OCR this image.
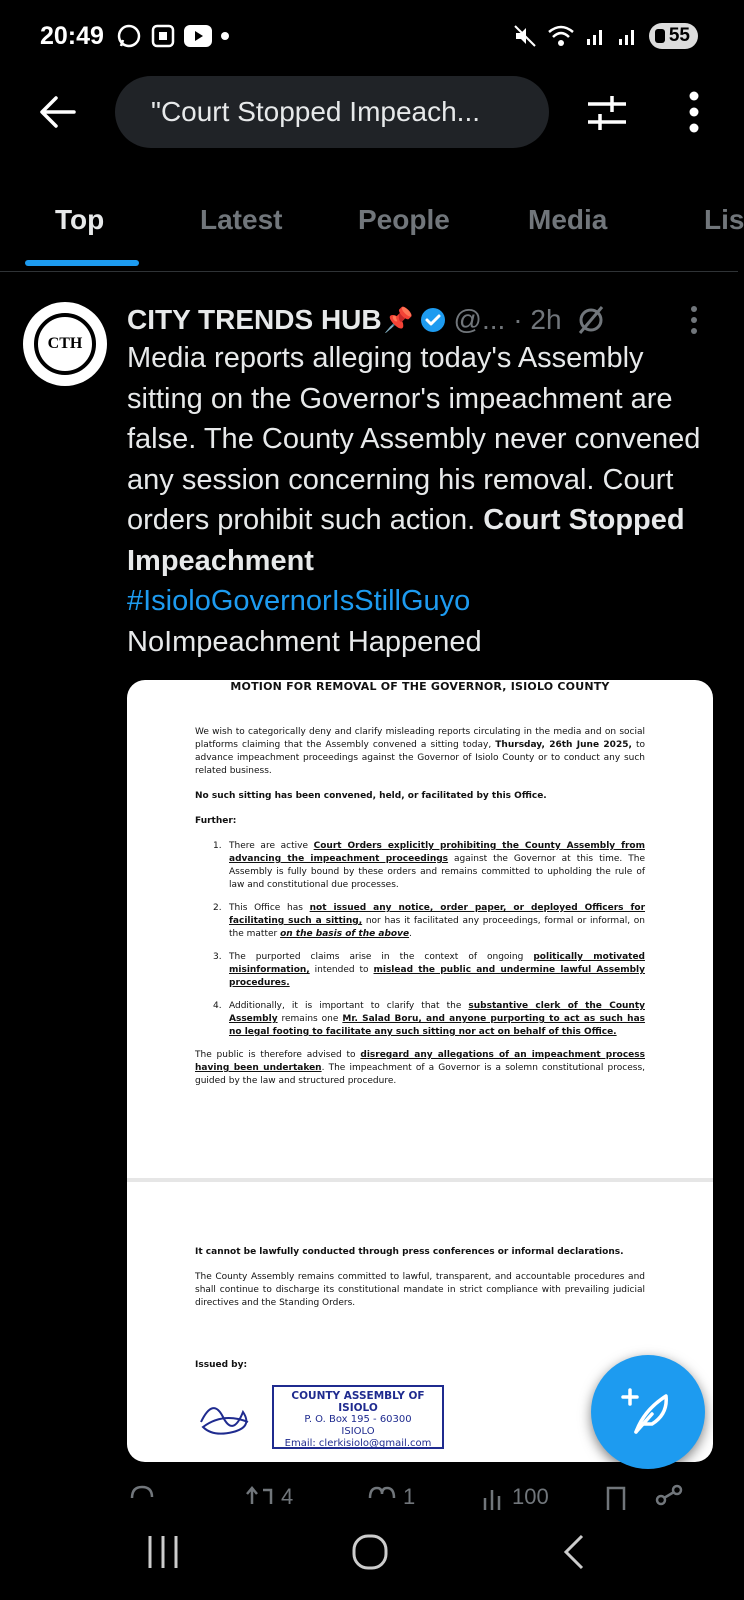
20:49	55
"Court Stopped Impeach...
Top	Latest	People	Media	Lis
CTH
CITY TRENDS HUB 📌 @... · 2h
Media reports alleging today's Assembly sitting on the Governor's impeachment are false. The County Assembly never convened any session concerning his removal. Court orders prohibit such action. Court Stopped Impeachment
#IsioloGovernorIsStillGuyo
NoImpeachment Happened
MOTION FOR REMOVAL OF THE GOVERNOR, ISIOLO COUNTY

We wish to categorically deny and clarify misleading reports circulating in the media and on social platforms claiming that the Assembly convened a sitting today, Thursday, 26th June 2025, to advance impeachment proceedings against the Governor of Isiolo County or to conduct any such related business.

No such sitting has been convened, held, or facilitated by this Office.

Further:

1. There are active Court Orders explicitly prohibiting the County Assembly from advancing the impeachment proceedings against the Governor at this time. The Assembly is fully bound by these orders and remains committed to upholding the rule of law and constitutional due processes.
2. This Office has not issued any notice, order paper, or deployed Officers for facilitating such a sitting, nor has it facilitated any proceedings, formal or informal, on the matter on the basis of the above.
3. The purported claims arise in the context of ongoing politically motivated misinformation, intended to mislead the public and undermine lawful Assembly procedures.
4. Additionally, it is important to clarify that the substantive clerk of the County Assembly remains one Mr. Salad Boru, and anyone purporting to act as such has no legal footing to facilitate any such sitting nor act on behalf of this Office.

The public is therefore advised to disregard any allegations of an impeachment process having been undertaken. The impeachment of a Governor is a solemn constitutional process, guided by the law and structured procedure.

It cannot be lawfully conducted through press conferences or informal declarations.

The County Assembly remains committed to lawful, transparent, and accountable procedures and shall continue to discharge its constitutional mandate in strict compliance with prevailing judicial directives and the Standing Orders.

Issued by:
COUNTY ASSEMBLY OF ISIOLO
P. O. Box 195 - 60300
ISIOLO
Email: clerkisiolo@gmail.com
4	1	100
